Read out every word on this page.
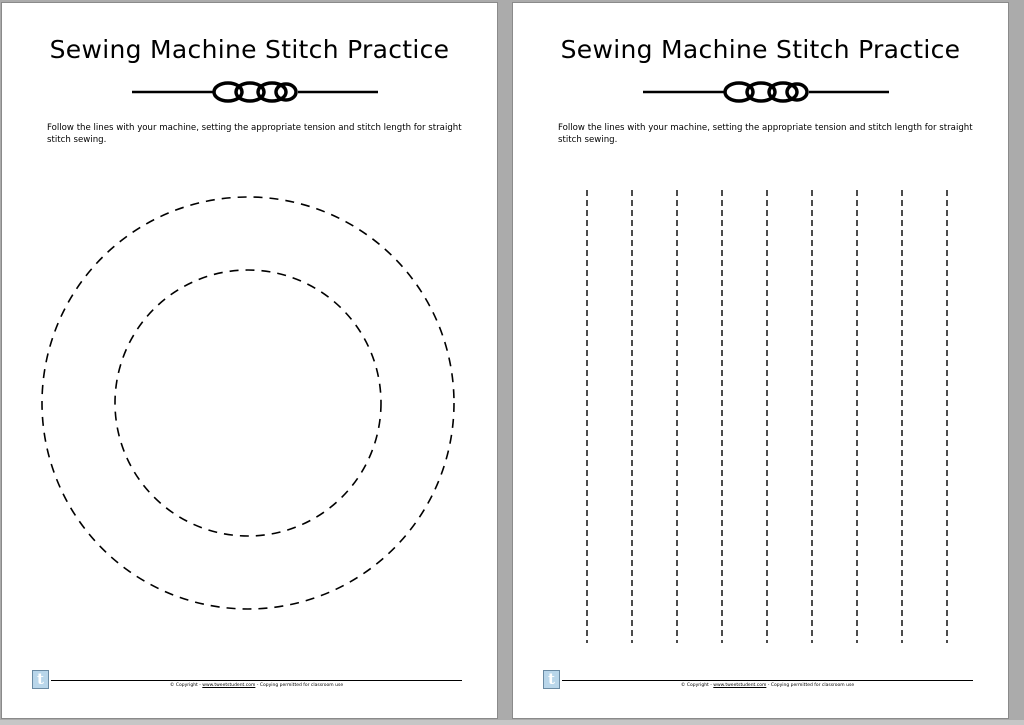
Sewing Machine Stitch Practice

Follow the lines with your machine, setting the appropriate tension and stitch length for straight stitch sewing.

t	© Copyright - www.tweetstudent.com - Copying permitted for classroom use
Sewing Machine Stitch Practice

Follow the lines with your machine, setting the appropriate tension and stitch length for straight stitch sewing.

t	© Copyright - www.tweetstudent.com - Copying permitted for classroom use
